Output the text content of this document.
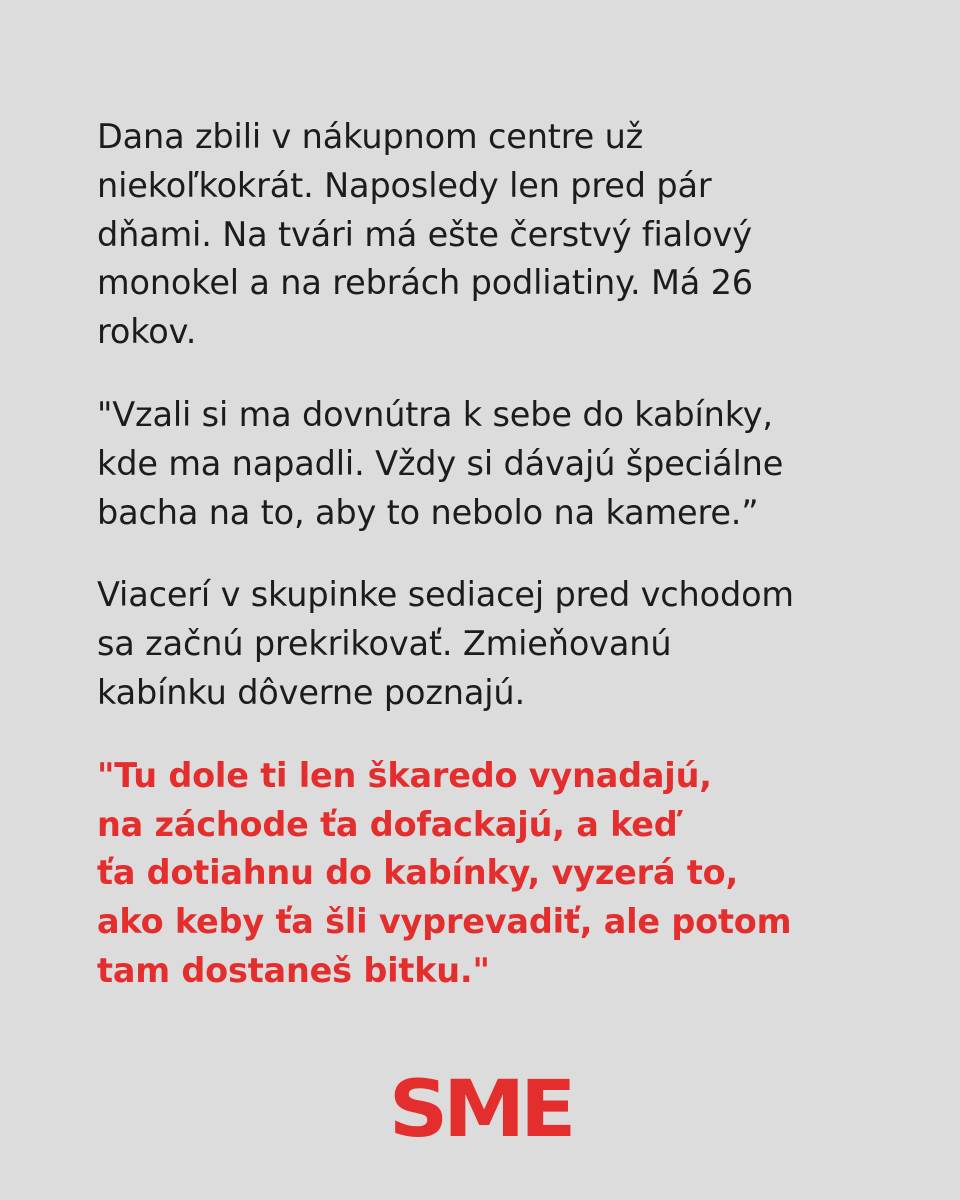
Dana zbili v nákupnom centre už
niekoľkokrát. Naposledy len pred pár
dňami. Na tvári má ešte čerstvý fialový
monokel a na rebrách podliatiny. Má 26
rokov.

"Vzali si ma dovnútra k sebe do kabínky,
kde ma napadli. Vždy si dávajú špeciálne
bacha na to, aby to nebolo na kamere.”

Viacerí v skupinke sediacej pred vchodom
sa začnú prekrikovať. Zmieňovanú
kabínku dôverne poznajú.

"Tu dole ti len škaredo vynadajú,
na záchode ťa dofackajú, a keď
ťa dotiahnu do kabínky, vyzerá to,
ako keby ťa šli vyprevadiť, ale potom
tam dostaneš bitku."

SME
